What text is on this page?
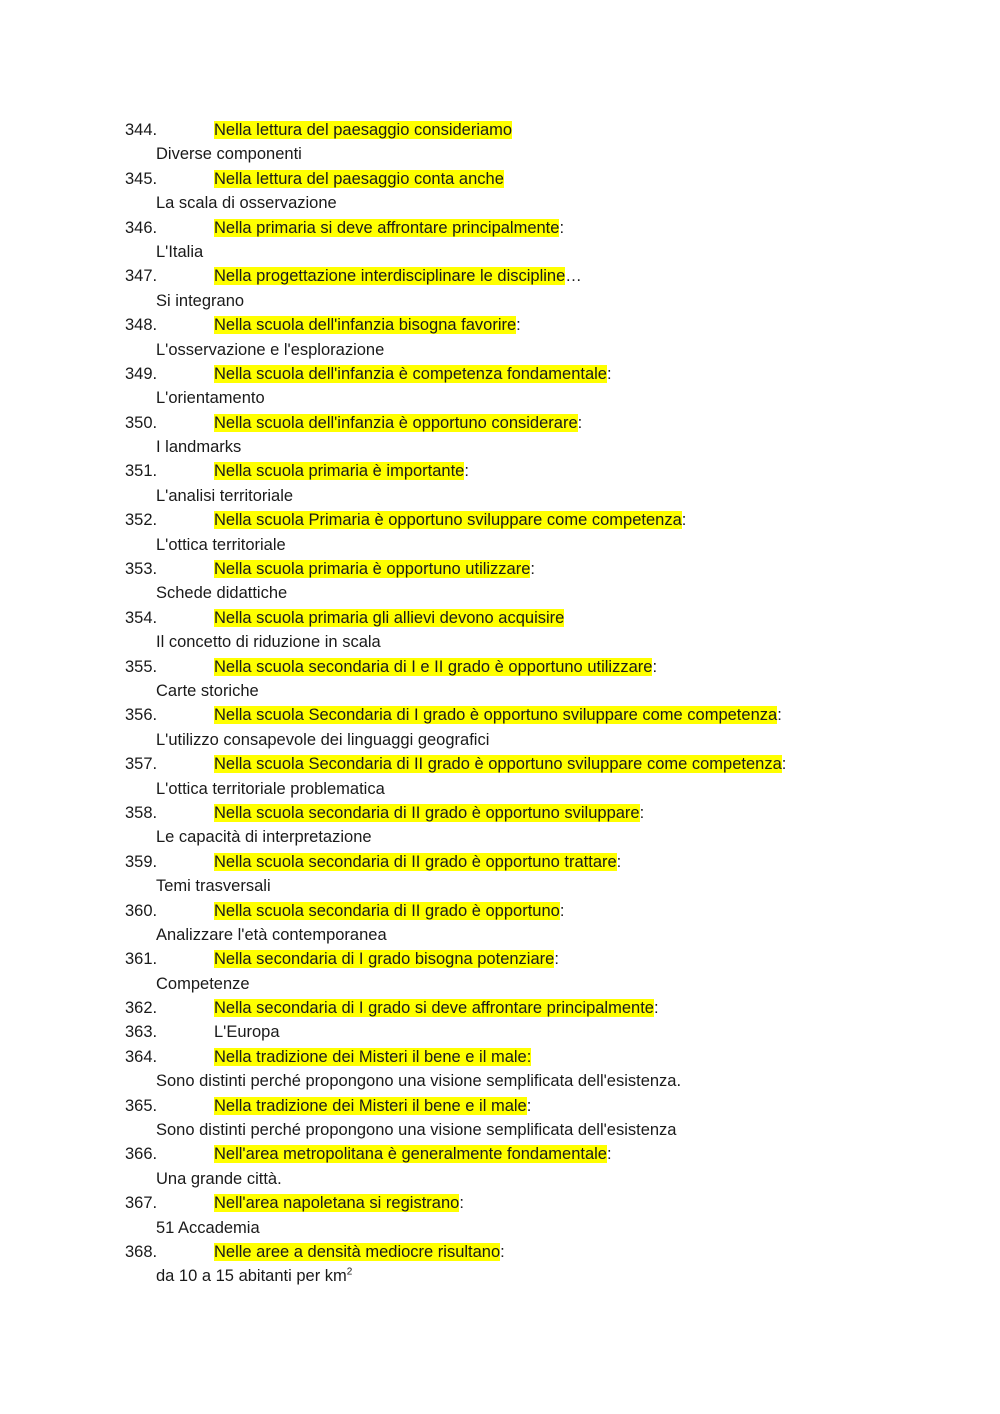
344.	Nella lettura del paesaggio consideriamo
Diverse componenti
345.	Nella lettura del paesaggio conta anche
La scala di osservazione
346.	Nella primaria si deve affrontare principalmente:
L'Italia
347.	Nella progettazione interdisciplinare le discipline…
Si integrano
348.	Nella scuola dell'infanzia bisogna favorire:
L'osservazione e l'esplorazione
349.	Nella scuola dell'infanzia è competenza fondamentale:
L'orientamento
350.	Nella scuola dell'infanzia è opportuno considerare:
I landmarks
351.	Nella scuola primaria è importante:
L'analisi territoriale
352.	Nella scuola Primaria è opportuno sviluppare come competenza:
L'ottica territoriale
353.	Nella scuola primaria è opportuno utilizzare:
Schede didattiche
354.	Nella scuola primaria gli allievi devono acquisire
Il concetto di riduzione in scala
355.	Nella scuola secondaria di I e II grado è opportuno utilizzare:
Carte storiche
356.	Nella scuola Secondaria di I grado è opportuno sviluppare come competenza:
L'utilizzo consapevole dei linguaggi geografici
357.	Nella scuola Secondaria di II grado è opportuno sviluppare come competenza:
L'ottica territoriale problematica
358.	Nella scuola secondaria di II grado è opportuno sviluppare:
Le capacità di interpretazione
359.	Nella scuola secondaria di II grado è opportuno trattare:
Temi trasversali
360.	Nella scuola secondaria di II grado è opportuno:
Analizzare l'età contemporanea
361.	Nella secondaria di I grado bisogna potenziare:
Competenze
362.	Nella secondaria di I grado si deve affrontare principalmente:
363.	L'Europa
364.	Nella tradizione dei Misteri il bene e il male:
Sono distinti perché propongono una visione semplificata dell'esistenza.
365.	Nella tradizione dei Misteri il bene e il male:
Sono distinti perché propongono una visione semplificata dell'esistenza
366.	Nell'area metropolitana è generalmente fondamentale:
Una grande città.
367.	Nell'area napoletana si registrano:
51 Accademia
368.	Nelle aree a densità mediocre risultano:
da 10 a 15 abitanti per $km^2$
